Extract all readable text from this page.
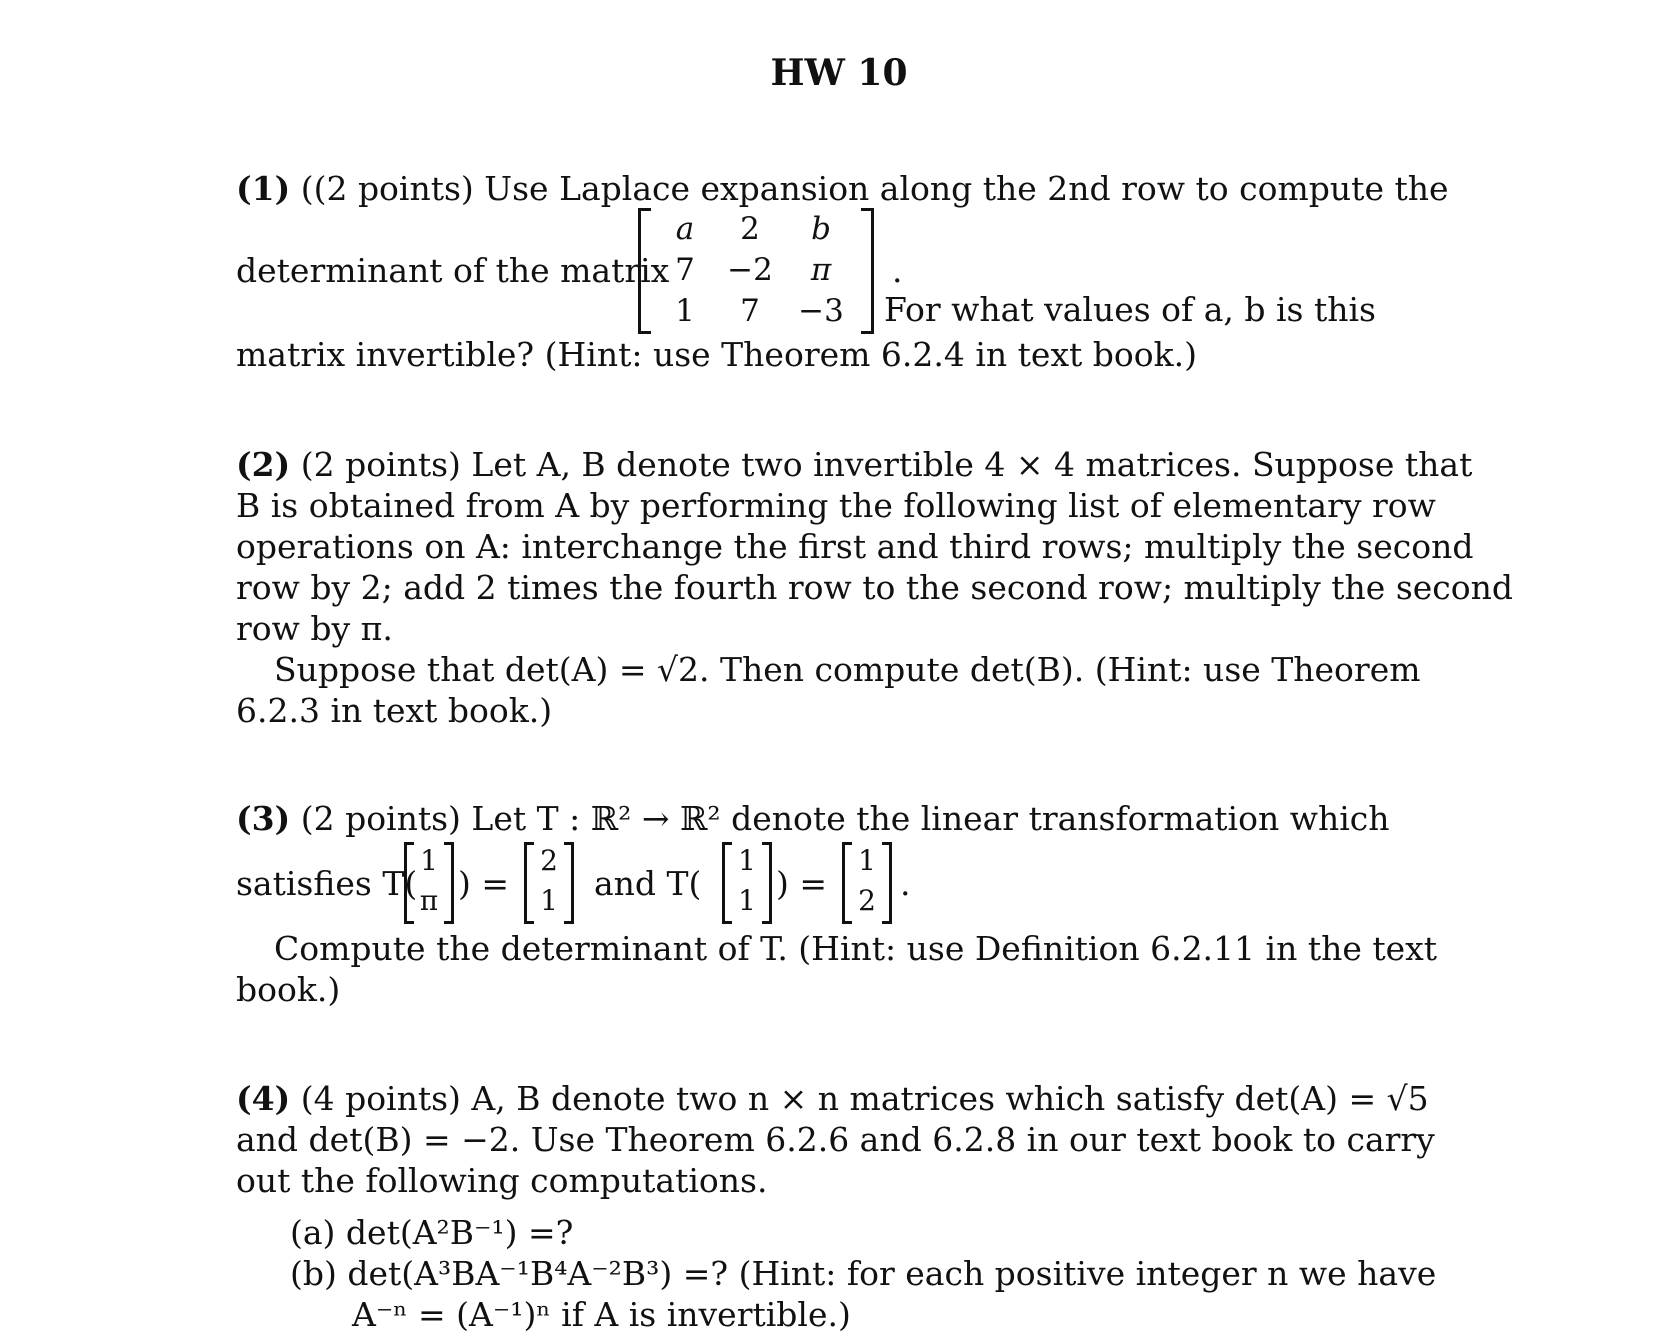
HW 10
(1) ((2 points) Use Laplace expansion along the 2nd row to compute the
determinant of the matrix
a 2 b
7 −2 π
1 7 −3
.
For what values of a, b is this
matrix invertible? (Hint: use Theorem 6.2.4 in text book.)
(2) (2 points) Let A, B denote two invertible 4 × 4 matrices. Suppose that
B is obtained from A by performing the following list of elementary row
operations on A: interchange the first and third rows; multiply the second
row by 2; add 2 times the fourth row to the second row; multiply the second
row by π.
Suppose that det(A) = √2. Then compute det(B). (Hint: use Theorem
6.2.3 in text book.)
(3) (2 points) Let T : ℝ² → ℝ² denote the linear transformation which
satisfies T(
1
π ) =
2
1	and T(
1
1 ) =
1
2 .
Compute the determinant of T. (Hint: use Definition 6.2.11 in the text
book.)
(4) (4 points) A, B denote two n × n matrices which satisfy det(A) = √5
and det(B) = −2. Use Theorem 6.2.6 and 6.2.8 in our text book to carry
out the following computations.
(a) det(A²B⁻¹) =?
(b) det(A³BA⁻¹B⁴A⁻²B³) =? (Hint: for each positive integer n we have
A⁻ⁿ = (A⁻¹)ⁿ if A is invertible.)
